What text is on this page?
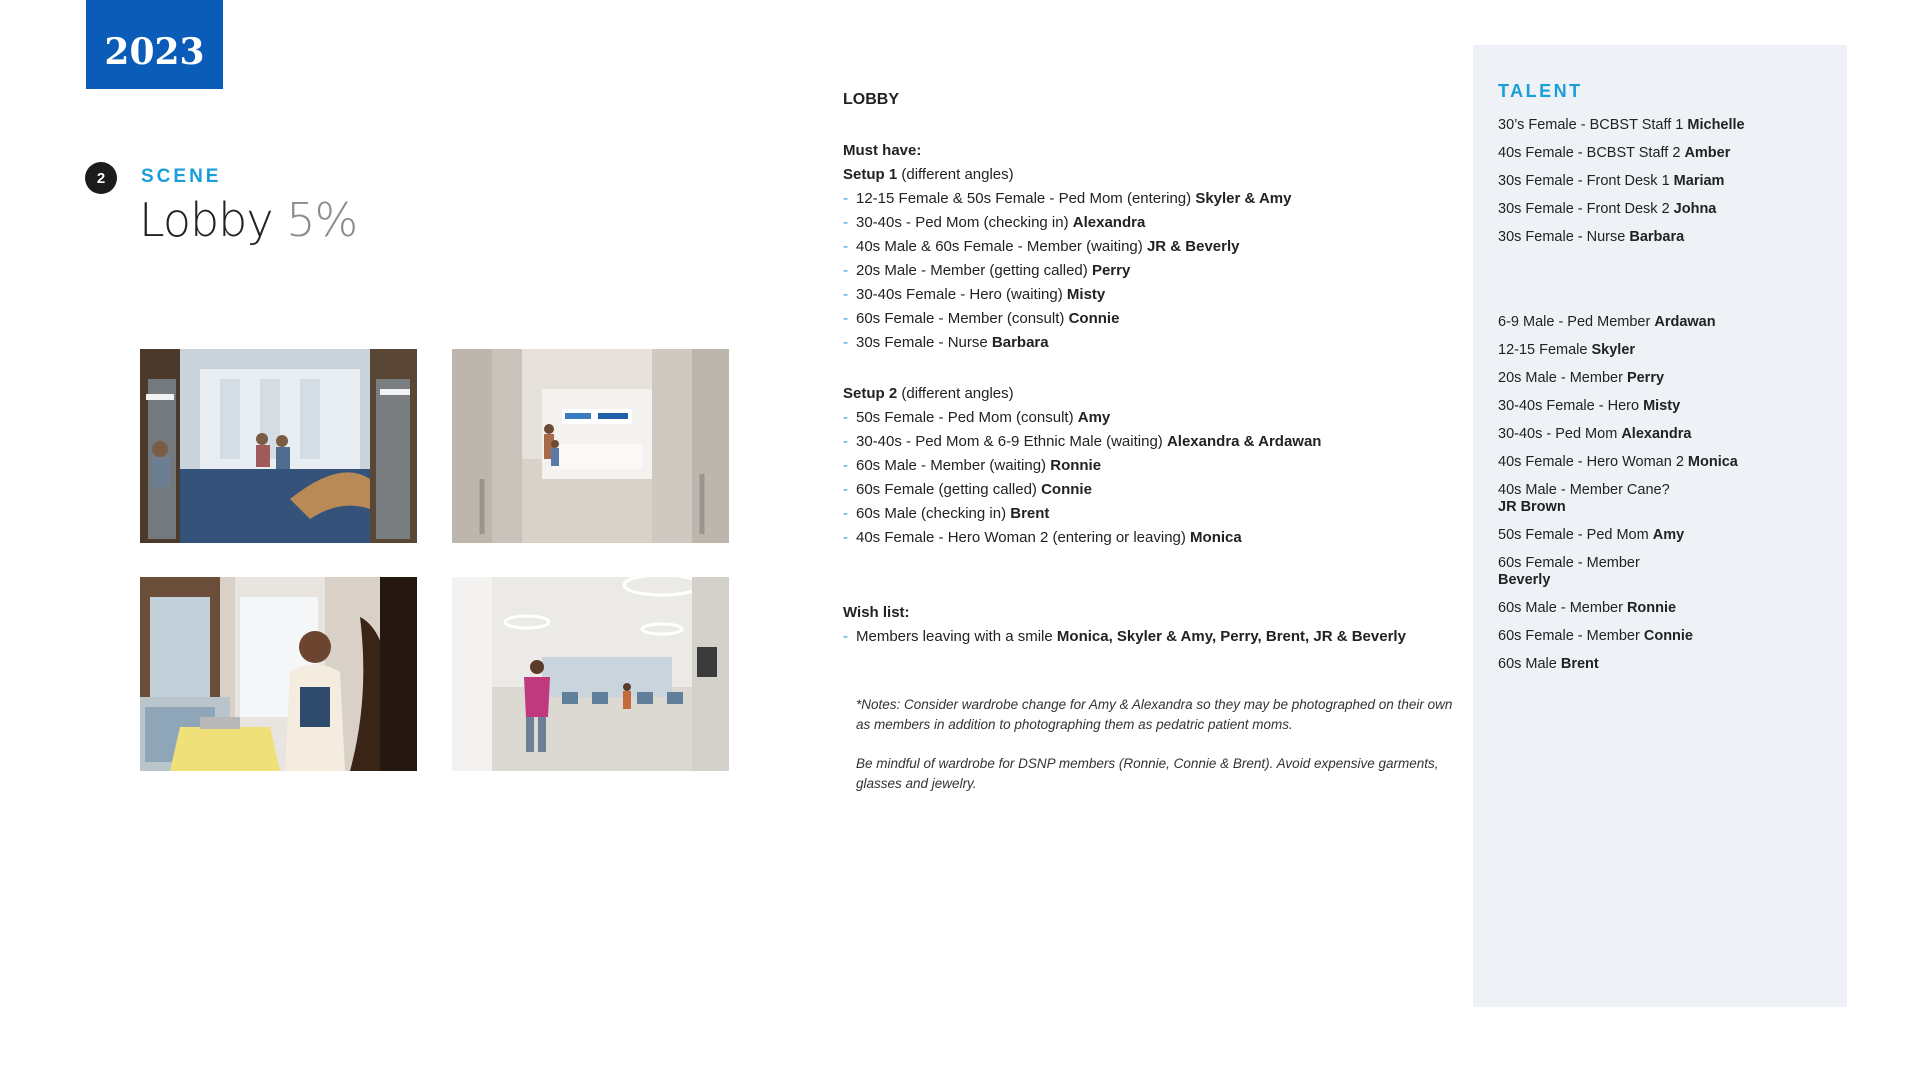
2023
2	SCENE
Lobby 5%
LOBBY
Must have:
Setup 1 (different angles)
- 12-15 Female & 50s Female - Ped Mom (entering) Skyler & Amy
- 30-40s - Ped Mom (checking in) Alexandra
- 40s Male & 60s Female - Member (waiting) JR & Beverly
- 20s Male - Member (getting called) Perry
- 30-40s Female - Hero (waiting) Misty
- 60s Female - Member (consult) Connie
- 30s Female - Nurse Barbara
Setup 2 (different angles)
- 50s Female - Ped Mom (consult) Amy
- 30-40s - Ped Mom & 6-9 Ethnic Male (waiting) Alexandra & Ardawan
- 60s Male - Member (waiting) Ronnie
- 60s Female (getting called) Connie
- 60s Male (checking in) Brent
- 40s Female - Hero Woman 2 (entering or leaving) Monica
Wish list:
- Members leaving with a smile Monica, Skyler & Amy, Perry, Brent, JR & Beverly
*Notes: Consider wardrobe change for Amy & Alexandra so they may be photographed on their own as members in addition to photographing them as pedatric patient moms.
Be mindful of wardrobe for DSNP members (Ronnie, Connie & Brent). Avoid expensive garments, glasses and jewelry.
TALENT
30’s Female - BCBST Staff 1 Michelle
40s Female - BCBST Staff 2 Amber
30s Female - Front Desk 1 Mariam
30s Female - Front Desk 2 Johna
30s Female - Nurse Barbara
6-9 Male - Ped Member Ardawan
12-15 Female Skyler
20s Male - Member Perry
30-40s Female - Hero Misty
30-40s - Ped Mom Alexandra
40s Female - Hero Woman 2 Monica
40s Male - Member Cane?
JR Brown
50s Female - Ped Mom Amy
60s Female - Member
Beverly
60s Male - Member Ronnie
60s Female - Member Connie
60s Male Brent
